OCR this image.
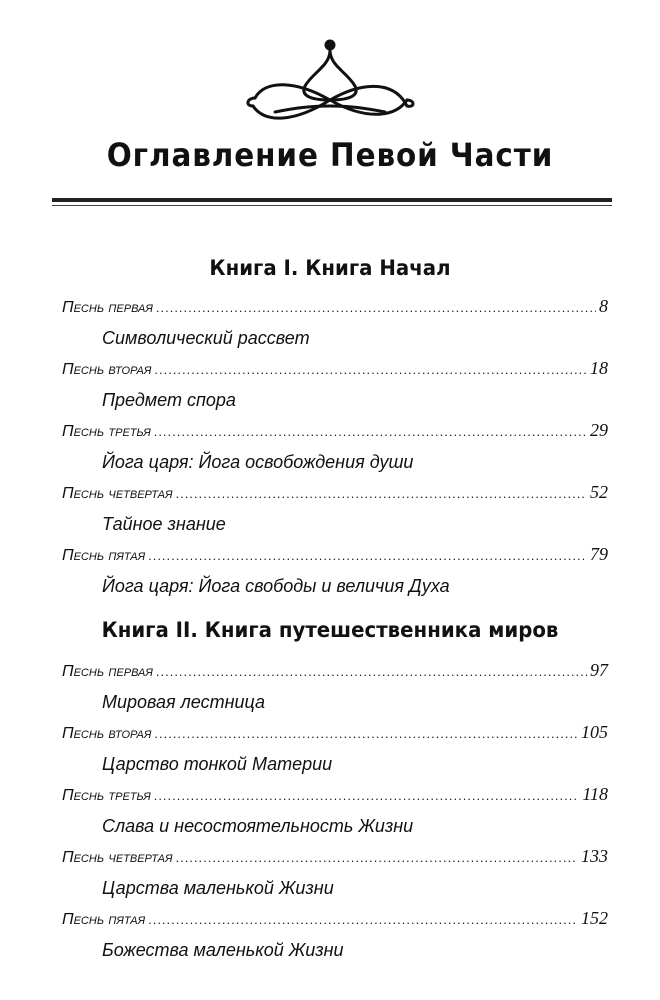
Оглавление Певой Части
Книга I. Книга Начал
Песнь первая .....	8
Символический рассвет
Песнь вторая .....	18
Предмет спора
Песнь третья .....	29
Йога царя: Йога освобождения души
Песнь четвертая .....	52
Тайное знание
Песнь пятая .....	79
Йога царя: Йога свободы и величия Духа
Книга II. Книга путешественника миров
Песнь первая .....	97
Мировая лестница
Песнь вторая .....	105
Царство тонкой Материи
Песнь третья .....	118
Слава и несостоятельность Жизни
Песнь четвертая .....	133
Царства маленькой Жизни
Песнь пятая .....	152
Божества маленькой Жизни
